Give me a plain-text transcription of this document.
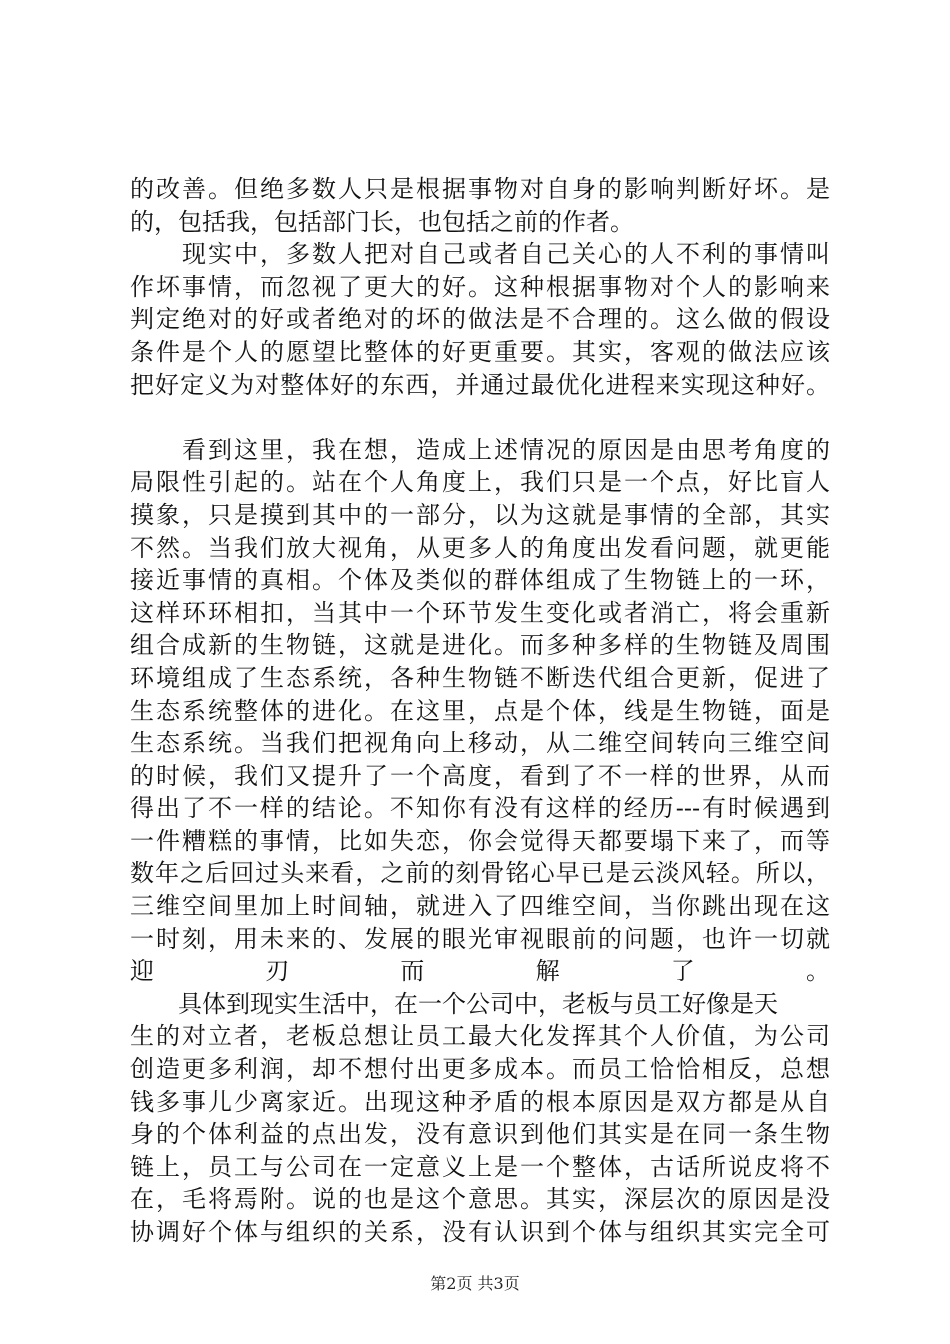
的改善。但绝多数人只是根据事物对自身的影响判断好坏。是
的，包括我，包括部门长，也包括之前的作者。
　　现实中，多数人把对自己或者自己关心的人不利的事情叫
作坏事情，而忽视了更大的好。这种根据事物对个人的影响来
判定绝对的好或者绝对的坏的做法是不合理的。这么做的假设
条件是个人的愿望比整体的好更重要。其实，客观的做法应该
把好定义为对整体好的东西，并通过最优化进程来实现这种好。
　　看到这里，我在想，造成上述情况的原因是由思考角度的
局限性引起的。站在个人角度上，我们只是一个点，好比盲人
摸象，只是摸到其中的一部分，以为这就是事情的全部，其实
不然。当我们放大视角，从更多人的角度出发看问题，就更能
接近事情的真相。个体及类似的群体组成了生物链上的一环，
这样环环相扣，当其中一个环节发生变化或者消亡，将会重新
组合成新的生物链，这就是进化。而多种多样的生物链及周围
环境组成了生态系统，各种生物链不断迭代组合更新，促进了
生态系统整体的进化。在这里，点是个体，线是生物链，面是
生态系统。当我们把视角向上移动，从二维空间转向三维空间
的时候，我们又提升了一个高度，看到了不一样的世界，从而
得出了不一样的结论。不知你有没有这样的经历---有时候遇到
一件糟糕的事情，比如失恋，你会觉得天都要塌下来了，而等
数年之后回过头来看，之前的刻骨铭心早已是云淡风轻。所以，
三维空间里加上时间轴，就进入了四维空间，当你跳出现在这
一时刻，用未来的、发展的眼光审视眼前的问题，也许一切就
迎刃而解了。
　　具体到现实生活中，在一个公司中，老板与员工好像是天
生的对立者，老板总想让员工最大化发挥其个人价值，为公司
创造更多利润，却不想付出更多成本。而员工恰恰相反，总想
钱多事儿少离家近。出现这种矛盾的根本原因是双方都是从自
身的个体利益的点出发，没有意识到他们其实是在同一条生物
链上，员工与公司在一定意义上是一个整体，古话所说皮将不
在，毛将焉附。说的也是这个意思。其实，深层次的原因是没
协调好个体与组织的关系，没有认识到个体与组织其实完全可
第2页 共3页
